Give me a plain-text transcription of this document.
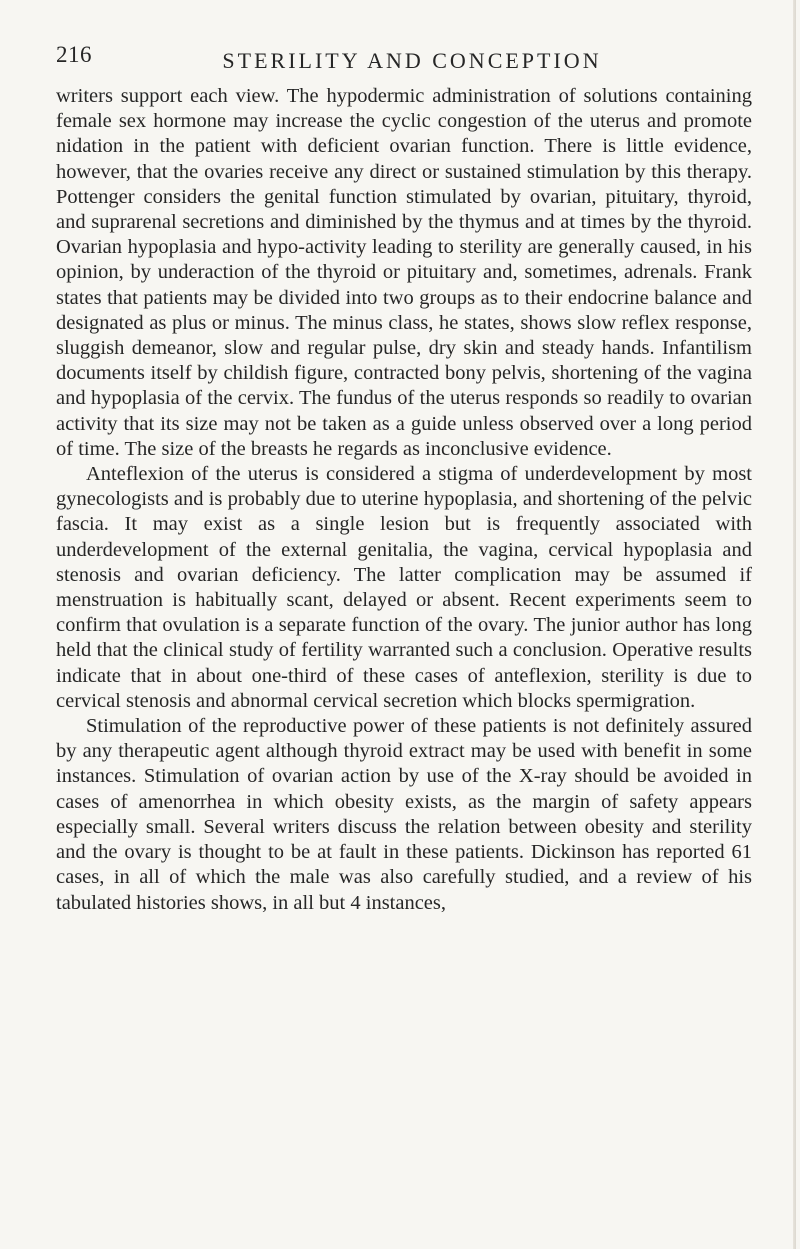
216	STERILITY AND CONCEPTION

writers support each view. The hypodermic administration of solutions containing female sex hormone may increase the cyclic congestion of the uterus and promote nidation in the patient with deficient ovarian function. There is little evidence, however, that the ovaries receive any direct or sustained stimulation by this therapy. Pottenger considers the genital function stimulated by ovarian, pituitary, thyroid, and suprarenal secretions and diminished by the thymus and at times by the thyroid. Ovarian hypoplasia and hypo-activity leading to sterility are generally caused, in his opinion, by underaction of the thyroid or pituitary and, sometimes, adrenals. Frank states that patients may be divided into two groups as to their endocrine balance and designated as plus or minus. The minus class, he states, shows slow reflex response, sluggish demeanor, slow and regular pulse, dry skin and steady hands. Infantilism documents itself by childish figure, contracted bony pelvis, shortening of the vagina and hypoplasia of the cervix. The fundus of the uterus responds so readily to ovarian activity that its size may not be taken as a guide unless observed over a long period of time. The size of the breasts he regards as inconclusive evidence.

Anteflexion of the uterus is considered a stigma of underdevelopment by most gynecologists and is probably due to uterine hypoplasia, and shortening of the pelvic fascia. It may exist as a single lesion but is frequently associated with underdevelopment of the external genitalia, the vagina, cervical hypoplasia and stenosis and ovarian deficiency. The latter complication may be assumed if menstruation is habitually scant, delayed or absent. Recent experiments seem to confirm that ovulation is a separate function of the ovary. The junior author has long held that the clinical study of fertility warranted such a conclusion. Operative results indicate that in about one-third of these cases of anteflexion, sterility is due to cervical stenosis and abnormal cervical secretion which blocks spermigration.

Stimulation of the reproductive power of these patients is not definitely assured by any therapeutic agent although thyroid extract may be used with benefit in some instances. Stimulation of ovarian action by use of the X-ray should be avoided in cases of amenorrhea in which obesity exists, as the margin of safety appears especially small. Several writers discuss the relation between obesity and sterility and the ovary is thought to be at fault in these patients. Dickinson has reported 61 cases, in all of which the male was also carefully studied, and a review of his tabulated histories shows, in all but 4 instances,
